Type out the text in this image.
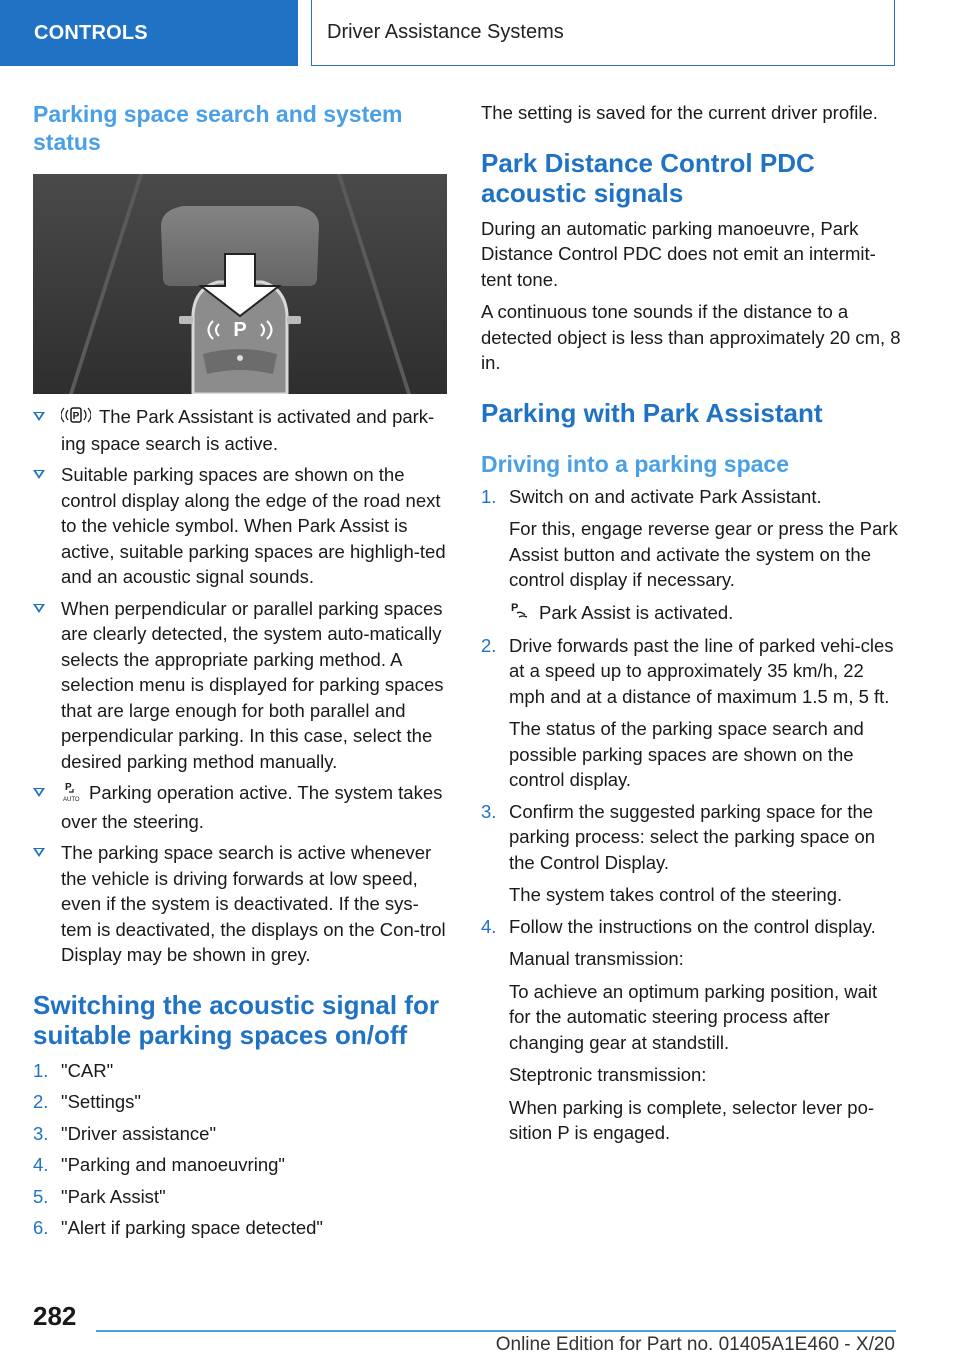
CONTROLS	Driver Assistance Systems
Parking space search and system status
P
P The Park Assistant is activated and park-ing space search is active.
Suitable parking spaces are shown on the control display along the edge of the road next to the vehicle symbol. When Park Assist is active, suitable parking spaces are highligh-ted and an acoustic signal sounds.
When perpendicular or parallel parking spaces are clearly detected, the system auto-matically selects the appropriate parking method. A selection menu is displayed for parking spaces that are large enough for both parallel and perpendicular parking. In this case, select the desired parking method manually.
P
AUTO Parking operation active. The system takes over the steering.
The parking space search is active whenever the vehicle is driving forwards at low speed, even if the system is deactivated. If the sys-tem is deactivated, the displays on the Con-trol Display may be shown in grey.
Switching the acoustic signal for suitable parking spaces on/off
1. "CAR"
2. "Settings"
3. "Driver assistance"
4. "Parking and manoeuvring"
5. "Park Assist"
6. "Alert if parking space detected"

The setting is saved for the current driver profile.

Park Distance Control PDC acoustic signals

During an automatic parking manoeuvre, Park Distance Control PDC does not emit an intermit-tent tone.

A continuous tone sounds if the distance to a detected object is less than approximately 20 cm, 8 in.

Parking with Park Assistant
Driving into a parking space
1. Switch on and activate Park Assistant.

For this, engage reverse gear or press the Park Assist button and activate the system on the control display if necessary.

P Park Assist is activated.

2. Drive forwards past the line of parked vehi-cles at a speed up to approximately 35 km/h, 22 mph and at a distance of maximum 1.5 m, 5 ft.

The status of the parking space search and possible parking spaces are shown on the control display.

3. Confirm the suggested parking space for the parking process: select the parking space on the Control Display.

The system takes control of the steering.

4. Follow the instructions on the control display.

Manual transmission:

To achieve an optimum parking position, wait for the automatic steering process after changing gear at standstill.

Steptronic transmission:

When parking is complete, selector lever po-sition P is engaged.

282
Online Edition for Part no. 01405A1E460 - X/20
